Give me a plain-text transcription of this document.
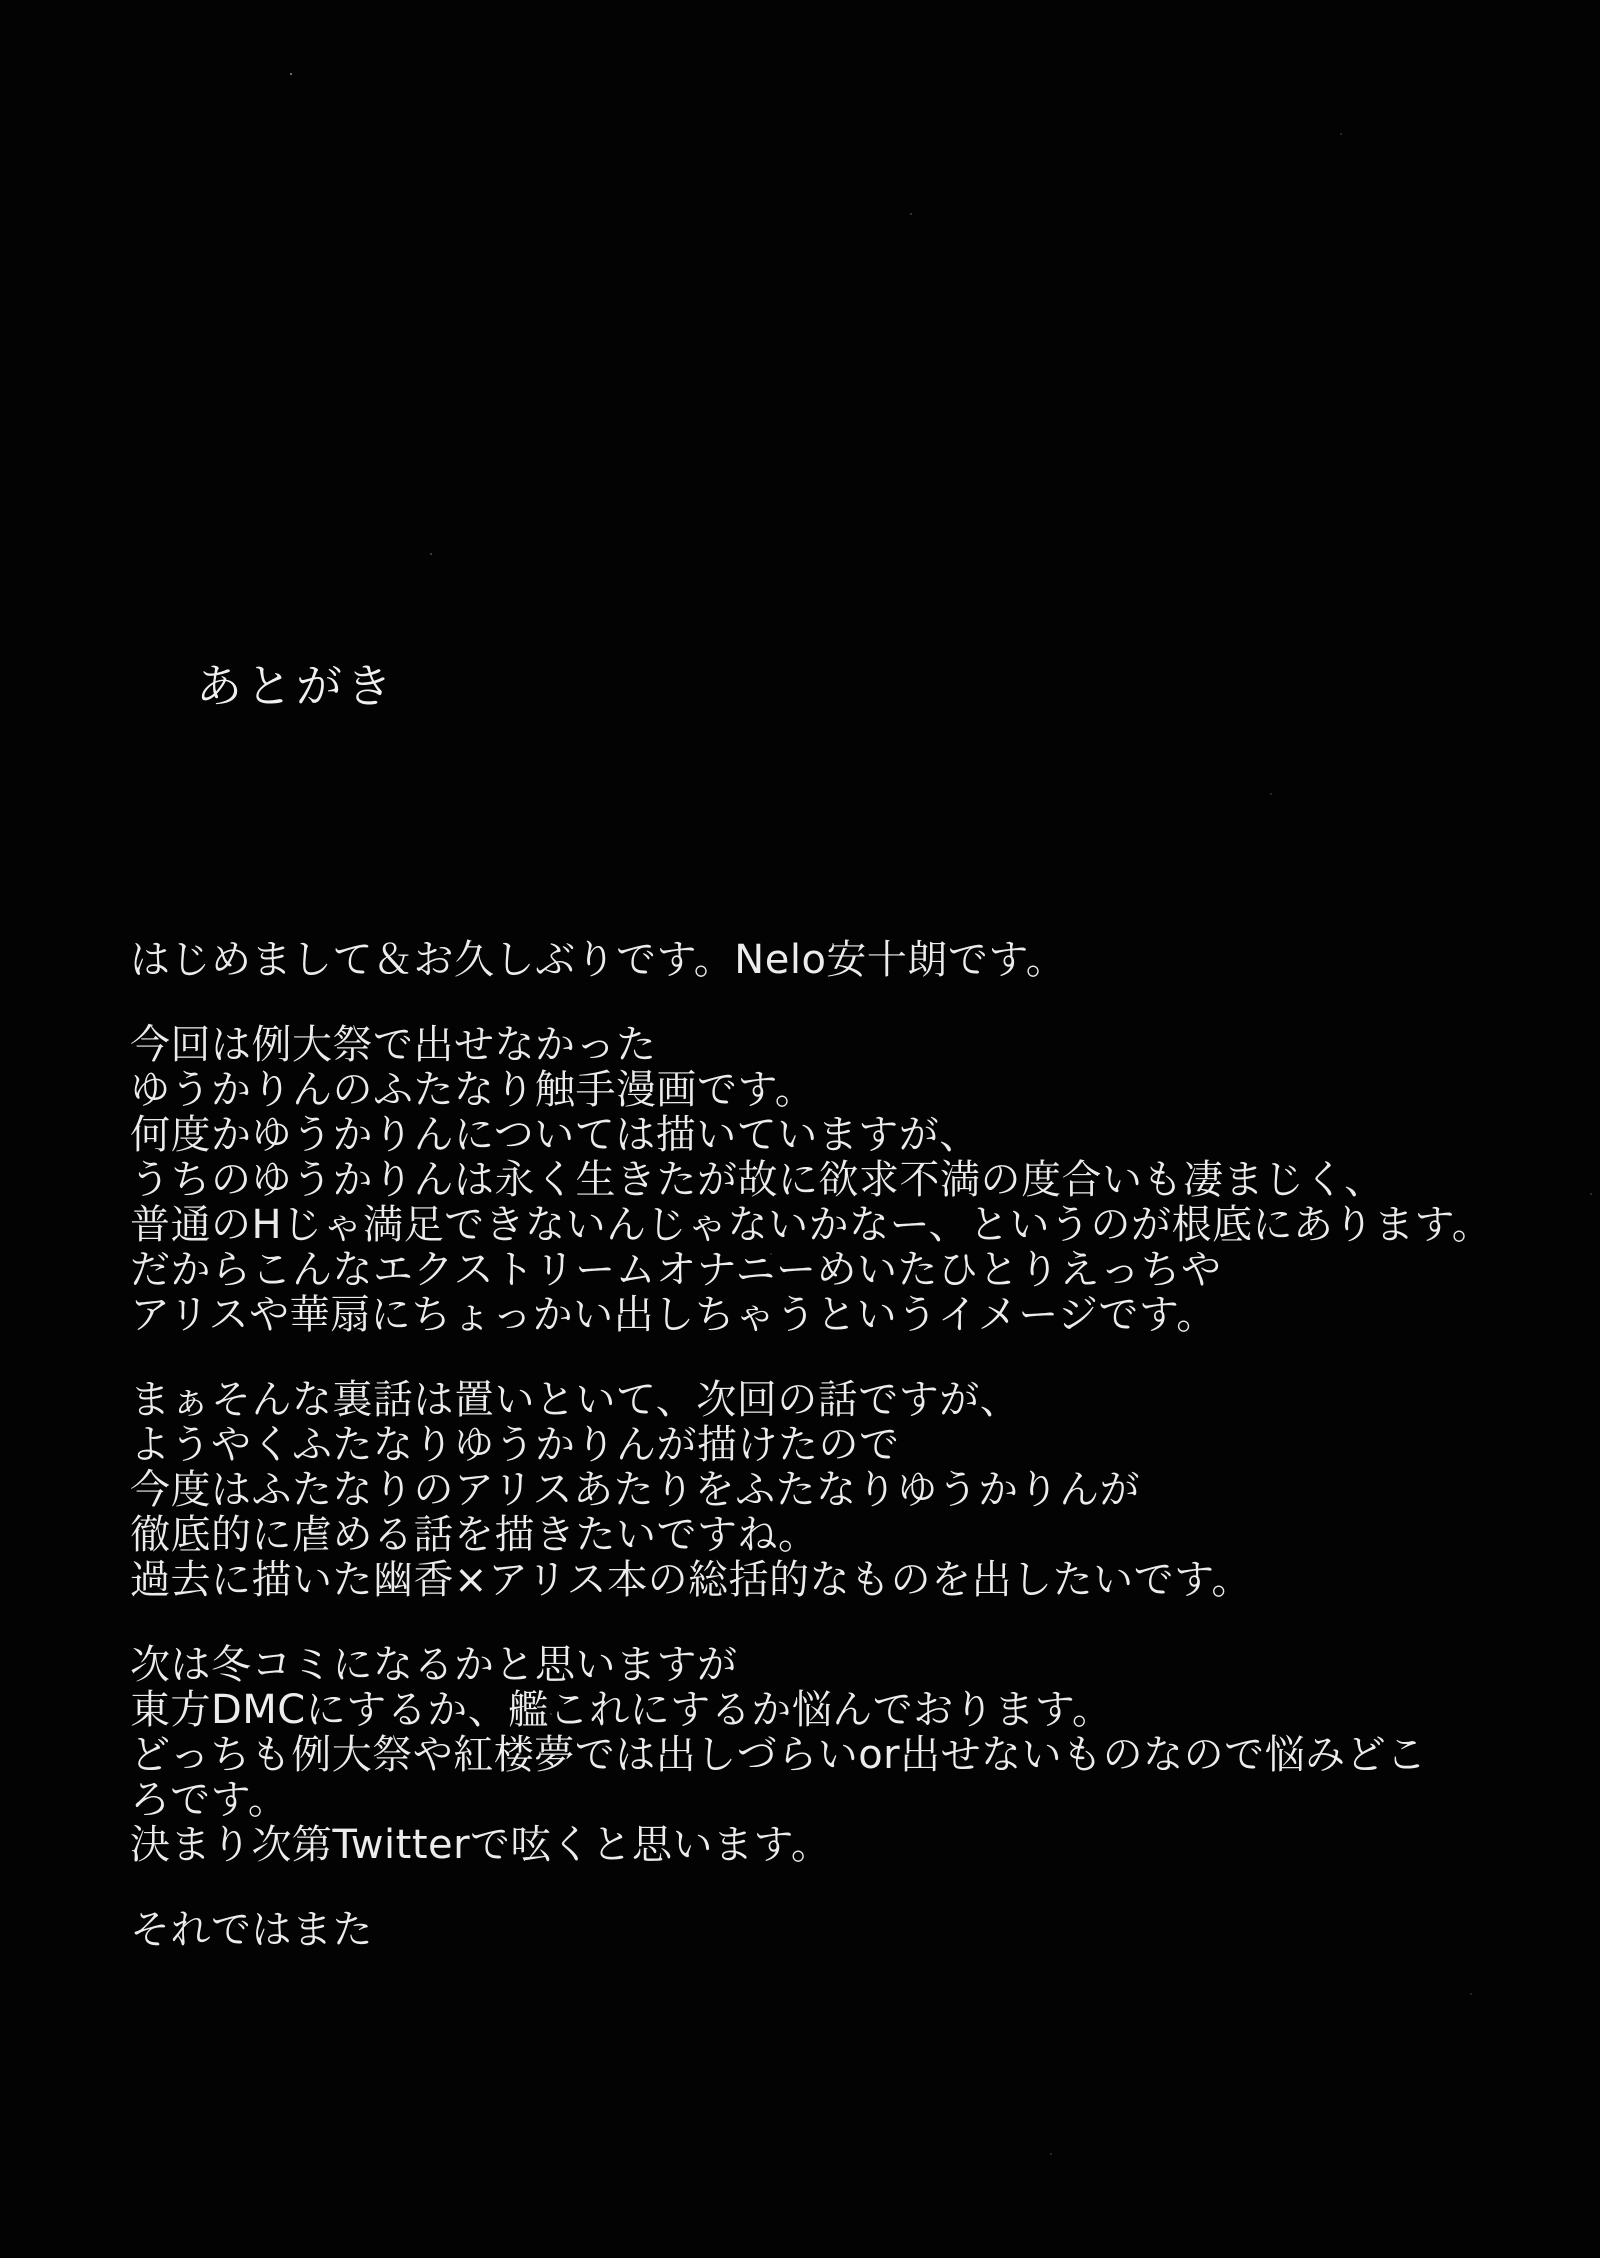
あとがき
はじめまして＆お久しぶりです。Nelo安十朗です。
今回は例大祭で出せなかった
ゆうかりんのふたなり触手漫画です。
何度かゆうかりんについては描いていますが、
うちのゆうかりんは永く生きたが故に欲求不満の度合いも凄まじく、
普通のHじゃ満足できないんじゃないかなー、というのが根底にあります。
だからこんなエクストリームオナニーめいたひとりえっちや
アリスや華扇にちょっかい出しちゃうというイメージです。
まぁそんな裏話は置いといて、次回の話ですが、
ようやくふたなりゆうかりんが描けたので
今度はふたなりのアリスあたりをふたなりゆうかりんが
徹底的に虐める話を描きたいですね。
過去に描いた幽香×アリス本の総括的なものを出したいです。
次は冬コミになるかと思いますが
東方DMCにするか、艦これにするか悩んでおります。
どっちも例大祭や紅楼夢では出しづらいor出せないものなので悩みどこ
ろです。
決まり次第Twitterで呟くと思います。
それではまた
